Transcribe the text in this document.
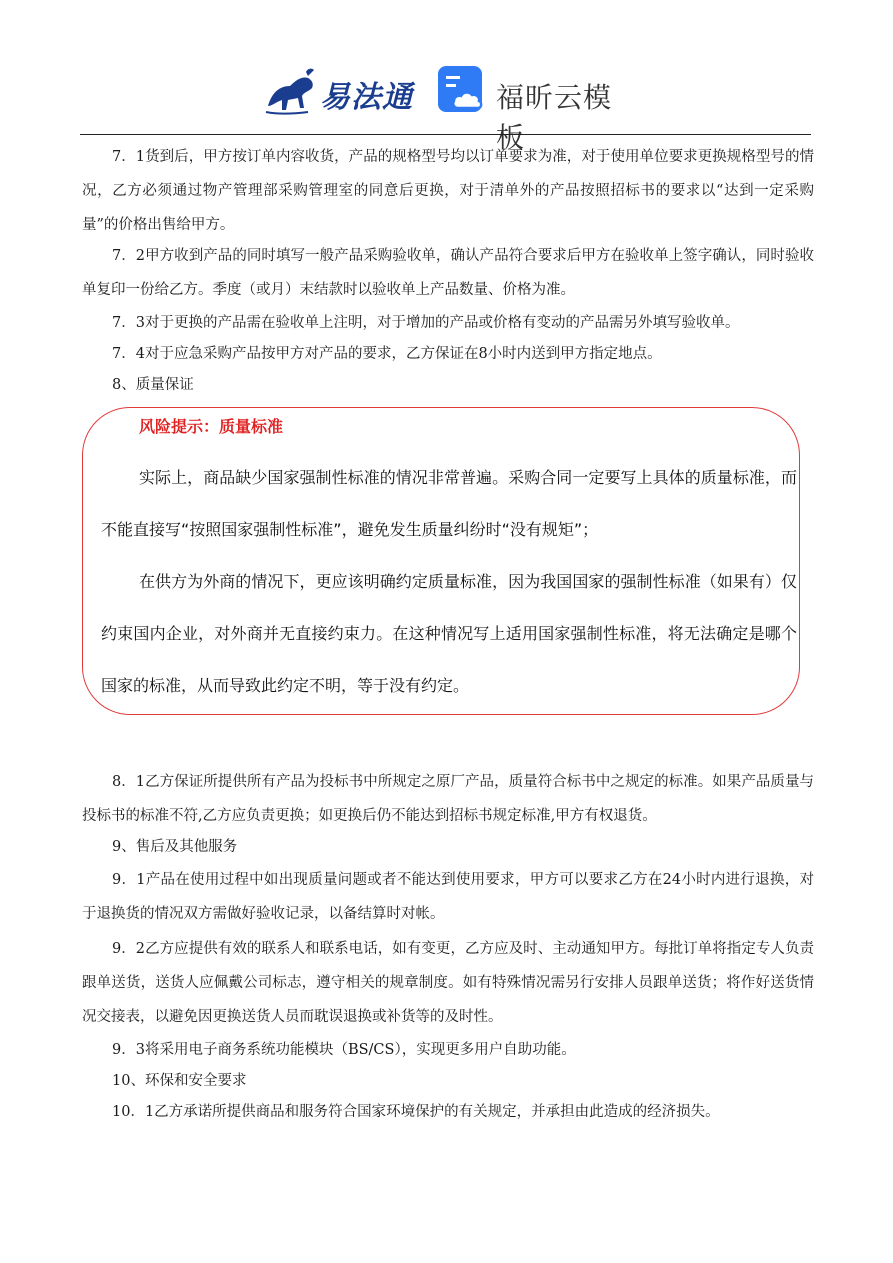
易法通	福昕云模板

7．1货到后，甲方按订单内容收货，产品的规格型号均以订单要求为准，对于使用单位要求更换规格型号的情况，乙方必须通过物产管理部采购管理室的同意后更换，对于清单外的产品按照招标书的要求以“达到一定采购量”的价格出售给甲方。

7．2甲方收到产品的同时填写一般产品采购验收单，确认产品符合要求后甲方在验收单上签字确认，同时验收单复印一份给乙方。季度（或月）末结款时以验收单上产品数量、价格为准。

7．3对于更换的产品需在验收单上注明，对于增加的产品或价格有变动的产品需另外填写验收单。

7．4对于应急采购产品按甲方对产品的要求，乙方保证在8小时内送到甲方指定地点。

8、质量保证

风险提示：质量标准

实际上，商品缺少国家强制性标准的情况非常普遍。采购合同一定要写上具体的质量标准，而不能直接写“按照国家强制性标准”，避免发生质量纠纷时“没有规矩”；

在供方为外商的情况下，更应该明确约定质量标准，因为我国国家的强制性标准（如果有）仅约束国内企业，对外商并无直接约束力。在这种情况写上适用国家强制性标准，将无法确定是哪个国家的标准，从而导致此约定不明，等于没有约定。

8．1乙方保证所提供所有产品为投标书中所规定之原厂产品，质量符合标书中之规定的标准。如果产品质量与投标书的标准不符,乙方应负责更换；如更换后仍不能达到招标书规定标准,甲方有权退货。

9、售后及其他服务

9．1产品在使用过程中如出现质量问题或者不能达到使用要求，甲方可以要求乙方在24小时内进行退换，对于退换货的情况双方需做好验收记录，以备结算时对帐。

9．2乙方应提供有效的联系人和联系电话，如有变更，乙方应及时、主动通知甲方。每批订单将指定专人负责跟单送货，送货人应佩戴公司标志，遵守相关的规章制度。如有特殊情况需另行安排人员跟单送货；将作好送货情况交接表，以避免因更换送货人员而耽误退换或补货等的及时性。

9．3将采用电子商务系统功能模块（BS/CS），实现更多用户自助功能。

10、环保和安全要求

10．1乙方承诺所提供商品和服务符合国家环境保护的有关规定，并承担由此造成的经济损失。
